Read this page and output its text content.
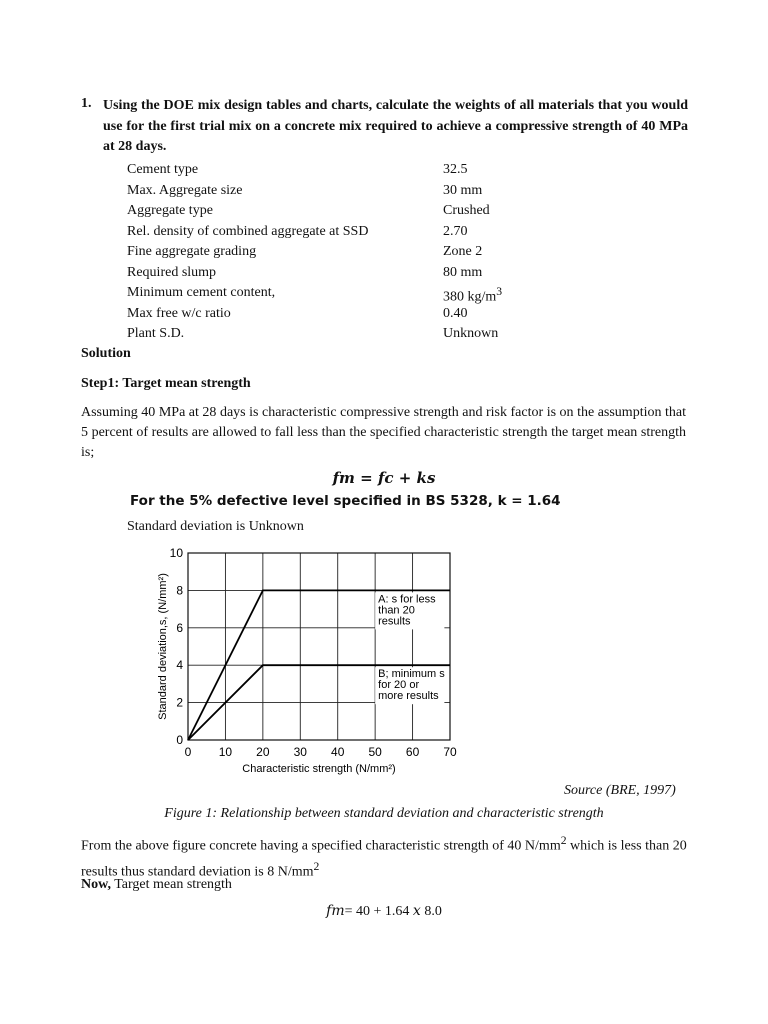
1. Using the DOE mix design tables and charts, calculate the weights of all materials that you would use for the first trial mix on a concrete mix required to achieve a compressive strength of 40 MPa at 28 days.
Cement type	32.5
Max. Aggregate size	30 mm
Aggregate type	Crushed
Rel. density of combined aggregate at SSD	2.70
Fine aggregate grading	Zone 2
Required slump	80 mm
Minimum cement content,	380 $kg/m^3$
Max free w/c ratio	0.40
Plant S.D.	Unknown
Solution
Step1: Target mean strength
Assuming 40 MPa at 28 days is characteristic compressive strength and risk factor is on the assumption that 5 percent of results are allowed to fall less than the specified characteristic strength the target mean strength is;
fm = fc + ks
For the 5% defective level specified in BS 5328, k = 1.64
Standard deviation is Unknown
0 10 20 30 40 50 60 70
0
2
4
6
8
10
Characteristic strength (N/mm²)
Standard deviation,s, (N/mm²)	A: s for less
than 20
results
B; minimum s
for 20 or
more results
Source (BRE, 1997)
Figure 1: Relationship between standard deviation and characteristic strength
From the above figure concrete having a specified characteristic strength of 40 $N/mm^2$ which is less than 20 results thus standard deviation is 8 $N/mm^2$
Now, Target mean strength
fm= 40 + 1.64 x 8.0
